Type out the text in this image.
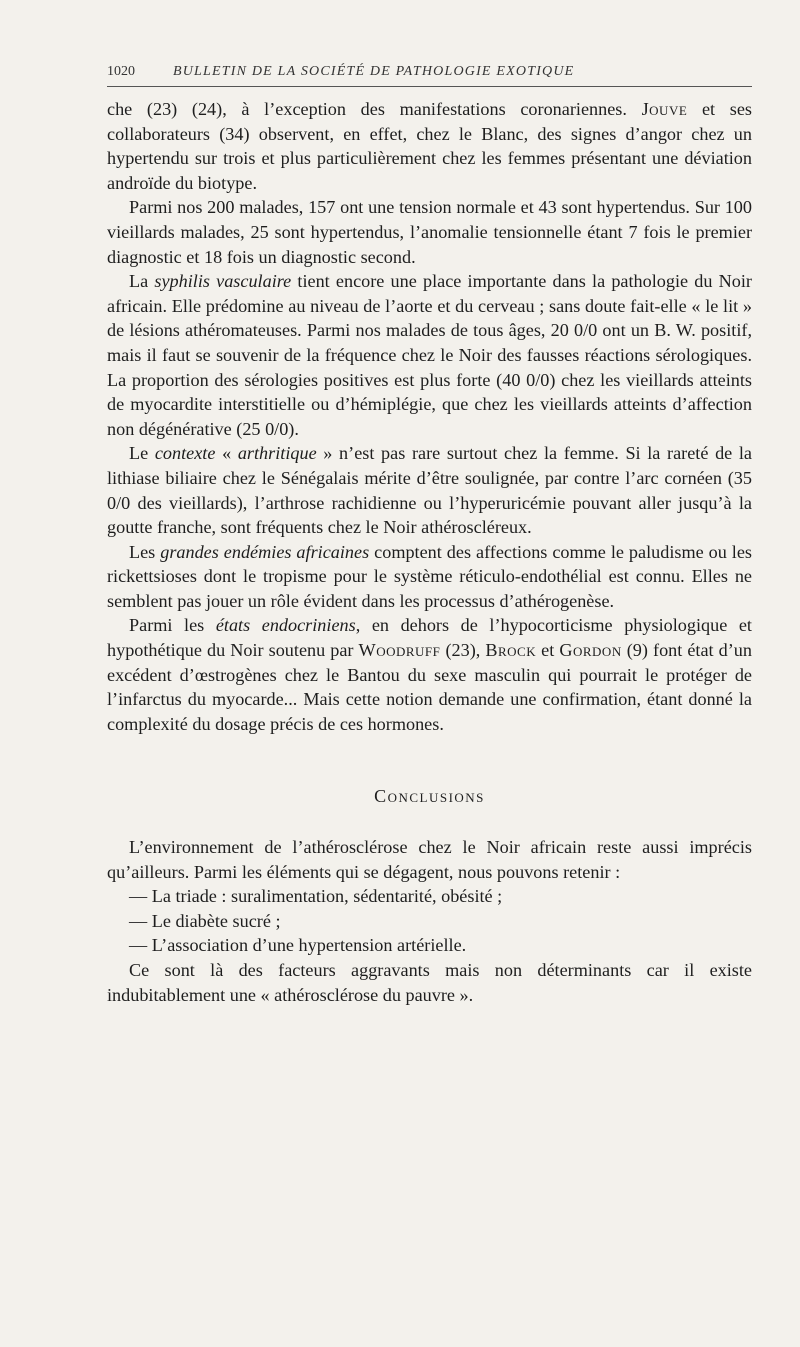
1020	BULLETIN DE LA SOCIÉTÉ DE PATHOLOGIE EXOTIQUE

che (23) (24), à l’exception des manifestations coronariennes. Jouve et ses collaborateurs (34) observent, en effet, chez le Blanc, des signes d’angor chez un hypertendu sur trois et plus particulièrement chez les femmes présentant une déviation androïde du biotype.

Parmi nos 200 malades, 157 ont une tension normale et 43 sont hypertendus. Sur 100 vieillards malades, 25 sont hypertendus, l’anomalie tensionnelle étant 7 fois le premier diagnostic et 18 fois un diagnostic second.

La syphilis vasculaire tient encore une place importante dans la pathologie du Noir africain. Elle prédomine au niveau de l’aorte et du cerveau ; sans doute fait-elle « le lit » de lésions athéromateuses. Parmi nos malades de tous âges, 20 0/0 ont un B. W. positif, mais il faut se souvenir de la fréquence chez le Noir des fausses réactions sérologiques. La proportion des sérologies positives est plus forte (40 0/0) chez les vieillards atteints de myocardite interstitielle ou d’hémiplégie, que chez les vieillards atteints d’affection non dégénérative (25 0/0).

Le contexte « arthritique » n’est pas rare surtout chez la femme. Si la rareté de la lithiase biliaire chez le Sénégalais mérite d’être soulignée, par contre l’arc cornéen (35 0/0 des vieillards), l’arthrose rachidienne ou l’hyperuricémie pouvant aller jusqu’à la goutte franche, sont fréquents chez le Noir athéroscléreux.

Les grandes endémies africaines comptent des affections comme le paludisme ou les rickettsioses dont le tropisme pour le système réticulo-endothélial est connu. Elles ne semblent pas jouer un rôle évident dans les processus d’athérogenèse.

Parmi les états endocriniens, en dehors de l’hypocorticisme physiologique et hypothétique du Noir soutenu par Woodruff (23), Brock et Gordon (9) font état d’un excédent d’œstrogènes chez le Bantou du sexe masculin qui pourrait le protéger de l’infarctus du myocarde... Mais cette notion demande une confirmation, étant donné la complexité du dosage précis de ces hormones.

Conclusions

L’environnement de l’athérosclérose chez le Noir africain reste aussi imprécis qu’ailleurs. Parmi les éléments qui se dégagent, nous pouvons retenir :

— La triade : suralimentation, sédentarité, obésité ;

— Le diabète sucré ;

— L’association d’une hypertension artérielle.

Ce sont là des facteurs aggravants mais non déterminants car il existe indubitablement une « athérosclérose du pauvre ».
